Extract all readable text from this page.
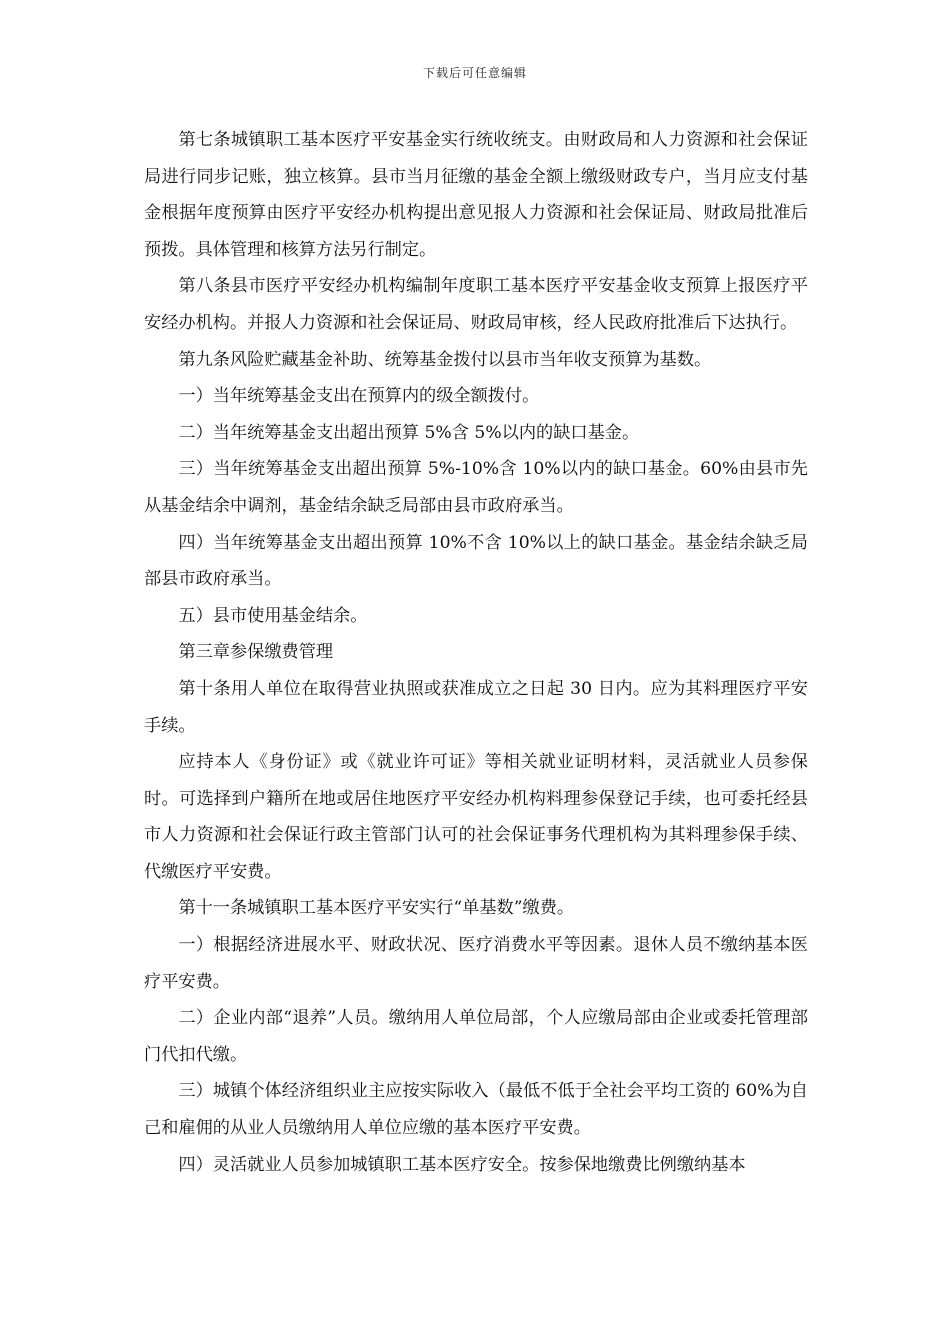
下载后可任意编辑

第七条城镇职工基本医疗平安基金实行统收统支。由财政局和人力资源和社会保证局进行同步记账，独立核算。县市当月征缴的基金全额上缴级财政专户，当月应支付基金根据年度预算由医疗平安经办机构提出意见报人力资源和社会保证局、财政局批准后预拨。具体管理和核算方法另行制定。

第八条县市医疗平安经办机构编制年度职工基本医疗平安基金收支预算上报医疗平安经办机构。并报人力资源和社会保证局、财政局审核，经人民政府批准后下达执行。

第九条风险贮藏基金补助、统筹基金拨付以县市当年收支预算为基数。

一）当年统筹基金支出在预算内的级全额拨付。

二）当年统筹基金支出超出预算 5%含 5%以内的缺口基金。

三）当年统筹基金支出超出预算 5%-10%含 10%以内的缺口基金。60%由县市先从基金结余中调剂，基金结余缺乏局部由县市政府承当。

四）当年统筹基金支出超出预算 10%不含 10%以上的缺口基金。基金结余缺乏局部县市政府承当。

五）县市使用基金结余。

第三章参保缴费管理

第十条用人单位在取得营业执照或获准成立之日起 30 日内。应为其料理医疗平安手续。

应持本人《身份证》或《就业许可证》等相关就业证明材料，灵活就业人员参保时。可选择到户籍所在地或居住地医疗平安经办机构料理参保登记手续，也可委托经县市人力资源和社会保证行政主管部门认可的社会保证事务代理机构为其料理参保手续、代缴医疗平安费。

第十一条城镇职工基本医疗平安实行“单基数”缴费。

一）根据经济进展水平、财政状况、医疗消费水平等因素。退休人员不缴纳基本医疗平安费。

二）企业内部“退养”人员。缴纳用人单位局部，个人应缴局部由企业或委托管理部门代扣代缴。

三）城镇个体经济组织业主应按实际收入（最低不低于全社会平均工资的 60%为自己和雇佣的从业人员缴纳用人单位应缴的基本医疗平安费。

四）灵活就业人员参加城镇职工基本医疗安全。按参保地缴费比例缴纳基本
